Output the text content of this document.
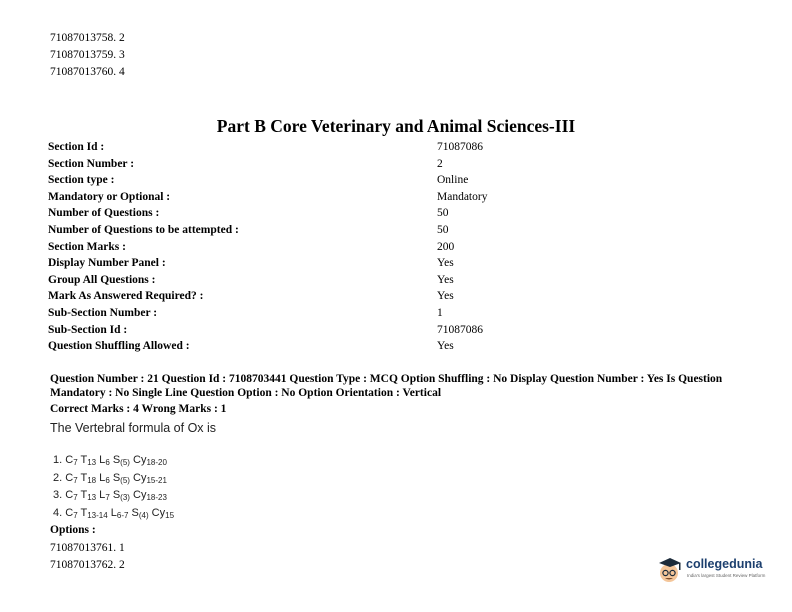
71087013758. 2
71087013759. 3
71087013760. 4
Part B Core Veterinary and Animal Sciences-III
Section Id :	71087086
Section Number :	2
Section type :	Online
Mandatory or Optional :	Mandatory
Number of Questions :	50
Number of Questions to be attempted :	50
Section Marks :	200
Display Number Panel :	Yes
Group All Questions :	Yes
Mark As Answered Required? :	Yes
Sub-Section Number :	1
Sub-Section Id :	71087086
Question Shuffling Allowed :	Yes
Question Number : 21 Question Id : 7108703441 Question Type : MCQ Option Shuffling : No Display Question Number : Yes Is Question Mandatory : No Single Line Question Option : No Option Orientation : Vertical
Correct Marks : 4 Wrong Marks : 1
The Vertebral formula of Ox is
1. $C_7$ $T_{13}$ $L_6$ $S_{(5)}$ $Cy_{18-20}$
2. $C_7$ $T_{18}$ $L_6$ $S_{(5)}$ $Cy_{15-21}$
3. $C_7$ $T_{13}$ $L_7$ $S_{(3)}$ $Cy_{18-23}$
4. $C_7$ $T_{13-14}$ $L_{6-7}$ $S_{(4)}$ $Cy_{15}$
Options :
71087013761. 1
71087013762. 2	collegedunia
India's largest Student Review Platform
